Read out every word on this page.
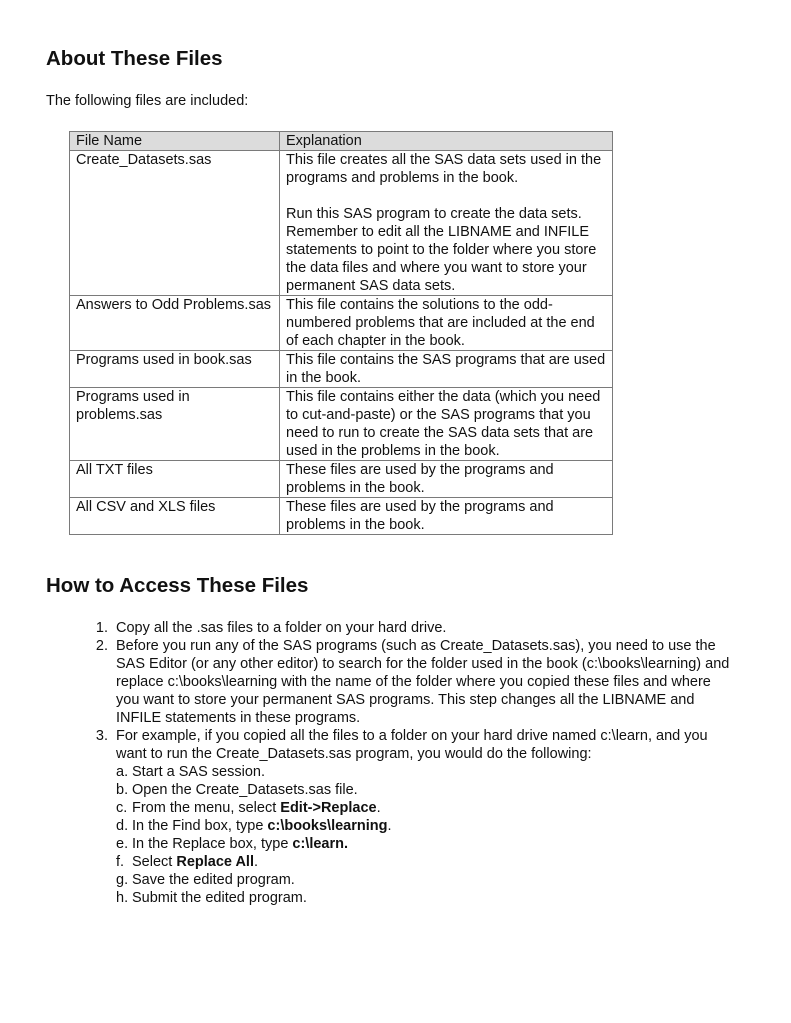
About These Files
The following files are included:
File Name	Explanation
Create_Datasets.sas	This file creates all the SAS data sets used in the programs and problems in the book.

Run this SAS program to create the data sets. Remember to edit all the LIBNAME and INFILE statements to point to the folder where you store the data files and where you want to store your permanent SAS data sets.

Answers to Odd Problems.sas	This file contains the solutions to the odd-numbered problems that are included at the end of each chapter in the book.

Programs used in book.sas	This file contains the SAS programs that are used in the book.

Programs used in problems.sas	This file contains either the data (which you need to cut-and-paste) or the SAS programs that you need to run to create the SAS data sets that are used in the problems in the book.

All TXT files	These files are used by the programs and problems in the book.

All CSV and XLS files	These files are used by the programs and problems in the book.

How to Access These Files
1. Copy all the .sas files to a folder on your hard drive.
2. Before you run any of the SAS programs (such as Create_Datasets.sas), you need to use the SAS Editor (or any other editor) to search for the folder used in the book (c:\books\learning) and replace c:\books\learning with the name of the folder where you copied these files and where you want to store your permanent SAS programs. This step changes all the LIBNAME and INFILE statements in these programs.
3. For example, if you copied all the files to a folder on your hard drive named c:\learn, and you want to run the Create_Datasets.sas program, you would do the following:
a. Start a SAS session.
b. Open the Create_Datasets.sas file.
c. From the menu, select Edit->Replace.
d. In the Find box, type c:\books\learning.
e. In the Replace box, type c:\learn.
f. Select Replace All.
g. Save the edited program.
h. Submit the edited program.
